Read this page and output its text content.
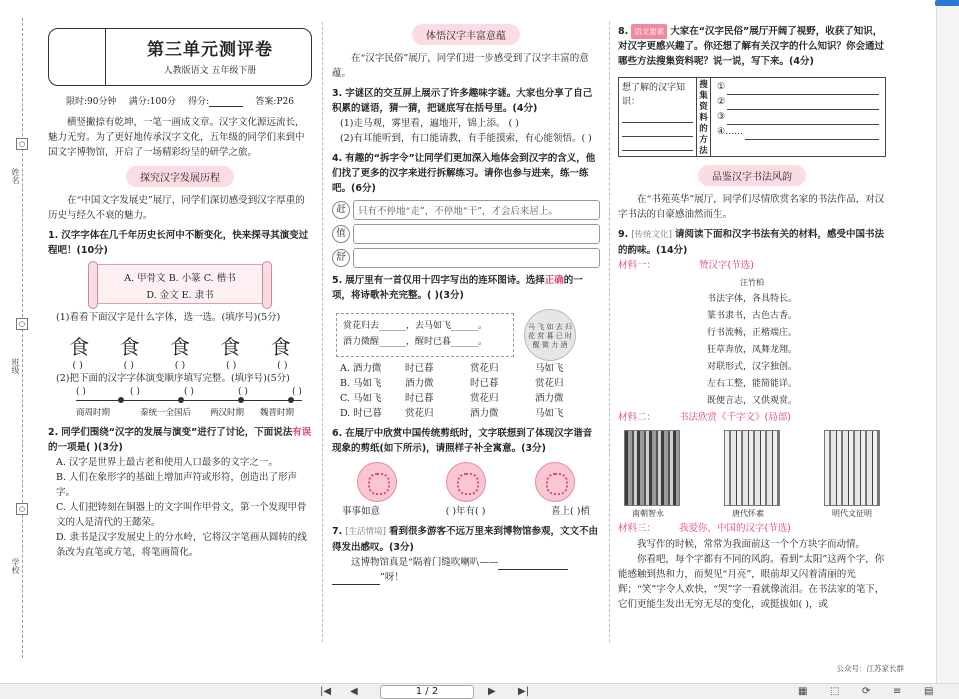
○
姓名
○
班级
○
学校
第三单元测评卷
人教版语文 五年级下册
限时:90分钟 满分:100分 得分:	答案:P26

横竖撇捺有乾坤，一笔一画成文章。汉字文化源远流长，魅力无穷。为了更好地传承汉字文化，五年级的同学们来到中国文字博物馆，开启了一场精彩纷呈的研学之旅。

探究汉字发展历程

在“中国文字发展史”展厅，同学们深切感受到汉字厚重的历史与经久不衰的魅力。

1. 汉字字体在几千年历史长河中不断变化，快来探寻其演变过程吧！(10分)
A. 甲骨文 B. 小篆 C. 楷书
D. 金文 E. 隶书
(1)看看下面汉字是什么字体，选一选。(填序号)(5分)
食 食 食 食 食
( )	( )	( )	( )	( )
(2)把下面的汉字字体演变顺序填写完整。(填序号)(5分)
( )	( )	( )	( )	( )
商周时期	秦统一全国后 两汉时期 魏晋时期
2. 同学们围绕“汉字的发展与演变”进行了讨论，下面说法有误的一项是( )(3分)
A. 汉字是世界上最古老和使用人口最多的文字之一。
B. 人们在象形字的基础上增加声符或形符，创造出了形声字。
C. 人们把铸刻在铜器上的文字叫作甲骨文，第一个发现甲骨文的人是清代的王懿荣。
D. 隶书是汉字发展史上的分水岭，它将汉字笔画从圆转的线条改为直笔或方笔，将笔画简化。
体悟汉字丰富意蕴

在“汉字民俗”展厅，同学们进一步感受到了汉字丰富的意蕴。

3. 字谜区的交互屏上展示了许多趣味字谜。大家也分享了自己积累的谜语，猜一猜，把谜底写在括号里。(4分)
(1)走马观，雾里看，遍地开，锦上添。 ( )
(2)有耳能听到，有口能请教，有手能摸索，有心能领悟。( )
4. 有趣的“拆字令”让同学们更加深入地体会到汉字的含义，他们找了更多的汉字来进行拆解练习。请你也参与进来，练一练吧。(6分)
赶	只有不停地“走”，不停地“干”，才会后来居上。
值
舒
5. 展厅里有一首仅用十四字写出的连环图诗。选择正确的一项，将诗歌补充完整。( )(3分)
赏花归去______，去马如飞______。
酒力微醒______，醒时已暮______。
马 飞 如 去 归 花 赏 暮 已 时 醒 微 力 酒
A. 酒力微	时已暮	赏花归	马如飞
B. 马如飞	酒力微	时已暮	赏花归
C. 马如飞	时已暮	赏花归	酒力微
D. 时已暮	赏花归	酒力微	马如飞
6. 在展厅中欣赏中国传统剪纸时，文字联想到了体现汉字谐音现象的剪纸(如下所示)，请照样子补全寓意。(3分)
事事如意	( )年有( )	喜上( )梢
7. [生活情境] 看到很多游客不远万里来到博物馆参观，文文不由得发出感叹。(3分)

这博物馆真是“隔着门缝吹喇叭——

”呀！

8. 语文要素 大家在“汉字民俗”展厅开阔了视野，收获了知识，对汉字更感兴趣了。你还想了解有关汉字的什么知识？你会通过哪些方法搜集资料呢？说一说，写下来。(4分)
想了解的汉字知识：
搜集资料的方法
①
②
③
④……
品鉴汉字书法风韵

在“书苑英华”展厅，同学们尽情欣赏名家的书法作品，对汉字书法的自豪感油然而生。

9. [传统文化] 请阅读下面和汉字书法有关的材料，感受中国书法的韵味。(14分)
材料一：	赞汉字(节选)
汪竹柏
书法字体，各具特长。
篆书隶书，古色古香。
行书流畅，正楷端庄。
狂草奔放，凤舞龙翔。
对联形式，汉字独创。
左右工整，能简能详。
既便言志，又供观赏。
材料二： 书法欣赏《千字文》(局部)
南朝智永	唐代怀素	明代文征明
材料三： 我爱你，中国的汉字(节选)

我写作的时候，常常为我面前这一个个方块字而动情。

你看吧，每个字都有不同的风韵。看到“太阳”这两个字，你能感触到热和力，而契见“月亮”，眼前却又闪着清丽的光辉；“笑”字令人欢快，“哭”字一看就像流泪。在书法家的笔下，它们更能生发出无穷无尽的变化，或挺拔如( )，或

公众号：江苏家长群
|◀ ◀	1 / 2	▶ ▶|	▦ ⬚ ⟳ ≡ ▤
